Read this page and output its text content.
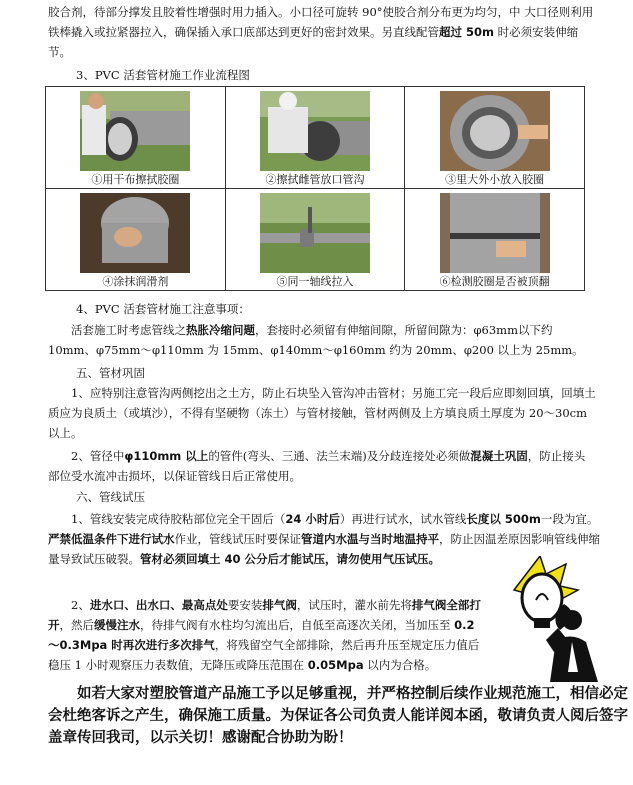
胶合剂，待部分撑发且胶着性增强时用力插入。小口径可旋转 90°使胶合剂分布更为均匀，中 大口径则利用铁棒撬入或拉紧器拉入，确保插入承口底部达到更好的密封效果。另直线配管超过 50m 时必须安装伸缩节。

3、PVC 活套管材施工作业流程图

①用干布擦拭胶圈	②擦拭雌管放口管沟	③里大外小放入胶圈

④涂抹润滑剂	⑤同一轴线拉入	⑥检测胶圈是否被顶翻

4、PVC 活套管材施工注意事项：

活套施工时考虑管线之热胀冷缩问题，套接时必须留有伸缩间隙，所留间隙为：φ63mm以下约 10mm、φ75mm～φ110mm 为 15mm、φ140mm～φ160mm 约为 20mm、φ200 以上为 25mm。

五、管材巩固

1、应特别注意管沟两侧挖出之土方，防止石块坠入管沟冲击管材；另施工完一段后应即刻回填，回填土质应为良质土（或填沙），不得有坚硬物（冻土）与管材接触，管材两侧及上方填良质土厚度为 20～30cm 以上。

2、管径中φ110mm 以上的管件(弯头、三通、法兰末端)及分歧连接处必须做混凝土巩固，防止接头部位受水流冲击损坏，以保证管线日后正常使用。

六、管线试压

1、管线安装完成待胶粘部位完全干固后（24 小时后）再进行试水，试水管线长度以 500m一段为宜。严禁低温条件下进行试水作业，管线试压时要保证管道内水温与当时地温持平，防止因温差原因影响管线伸缩量导致试压破裂。管材必须回填土 40 公分后才能试压，请勿使用气压试压。

2、进水口、出水口、最高点处要安装排气阀，试压时，灌水前先将排气阀全部打开，然后缓慢注水，待排气阀有水柱均匀流出后，自低至高逐次关闭，当加压至 0.2～0.3Mpa 时再次进行多次排气，将残留空气全部排除，然后再升压至规定压力值后稳压 1 小时观察压力表数值，无降压或降压范围在 0.05Mpa 以内为合格。

如若大家对塑胶管道产品施工予以足够重视，并严格控制后续作业规范施工，相信必定会杜绝客诉之产生，确保施工质量。为保证各公司负责人能详阅本函，敬请负责人阅后签字盖章传回我司，以示关切！感谢配合协助为盼！
